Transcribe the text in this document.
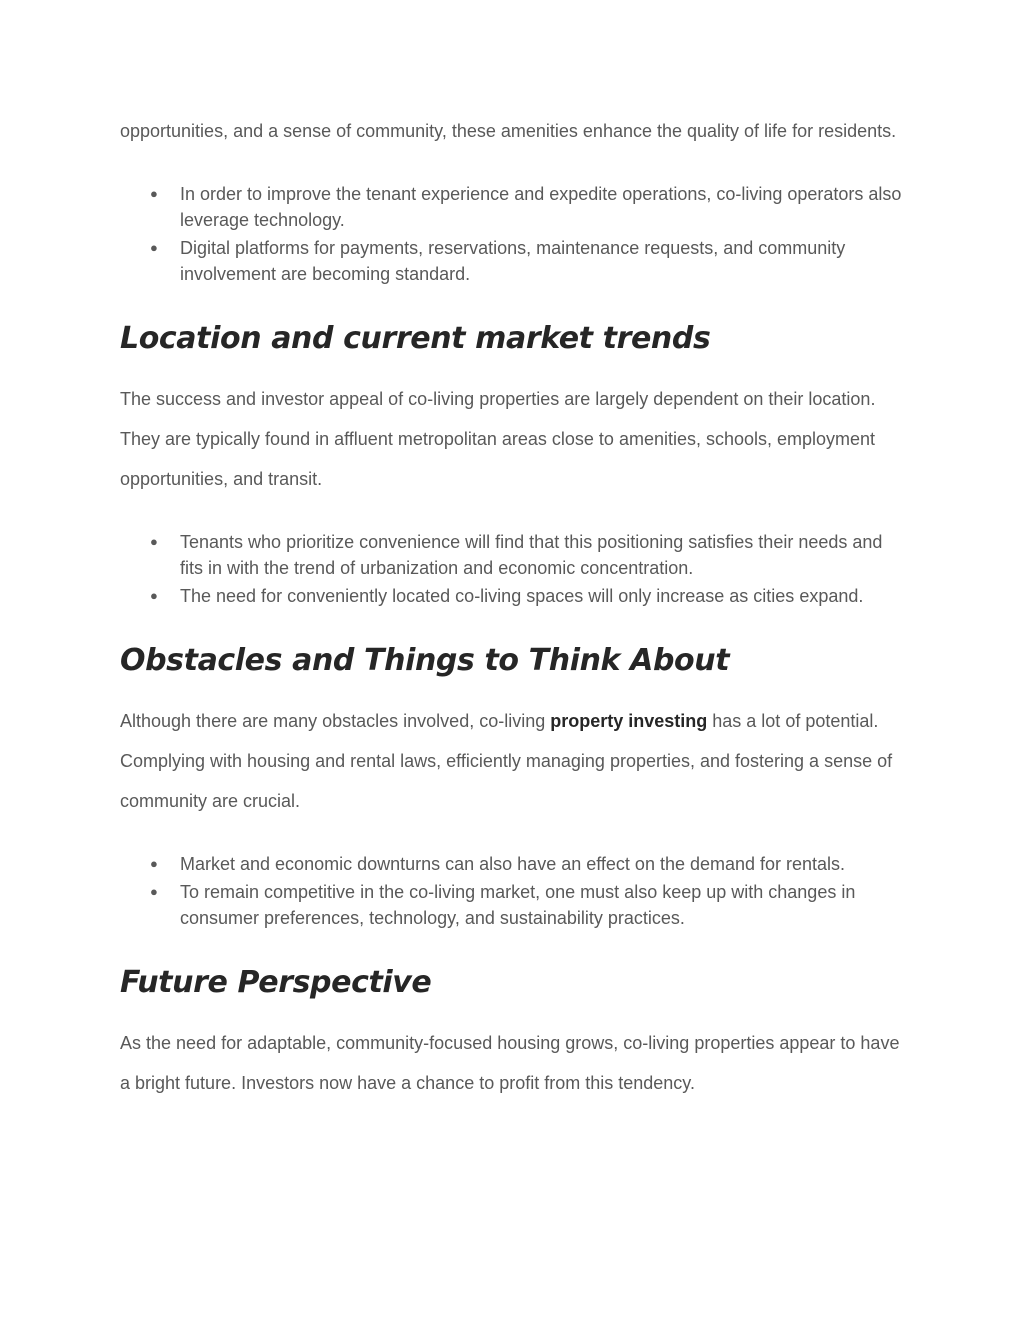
opportunities, and a sense of community, these amenities enhance the quality of life for residents.

● In order to improve the tenant experience and expedite operations, co-living operators also leverage technology.
● Digital platforms for payments, reservations, maintenance requests, and community involvement are becoming standard.
Location and current market trends

The success and investor appeal of co-living properties are largely dependent on their location. They are typically found in affluent metropolitan areas close to amenities, schools, employment opportunities, and transit.

● Tenants who prioritize convenience will find that this positioning satisfies their needs and fits in with the trend of urbanization and economic concentration.
● The need for conveniently located co-living spaces will only increase as cities expand.
Obstacles and Things to Think About

Although there are many obstacles involved, co-living property investing has a lot of potential. Complying with housing and rental laws, efficiently managing properties, and fostering a sense of community are crucial.

● Market and economic downturns can also have an effect on the demand for rentals.
● To remain competitive in the co-living market, one must also keep up with changes in consumer preferences, technology, and sustainability practices.
Future Perspective

As the need for adaptable, community-focused housing grows, co-living properties appear to have a bright future. Investors now have a chance to profit from this tendency.
